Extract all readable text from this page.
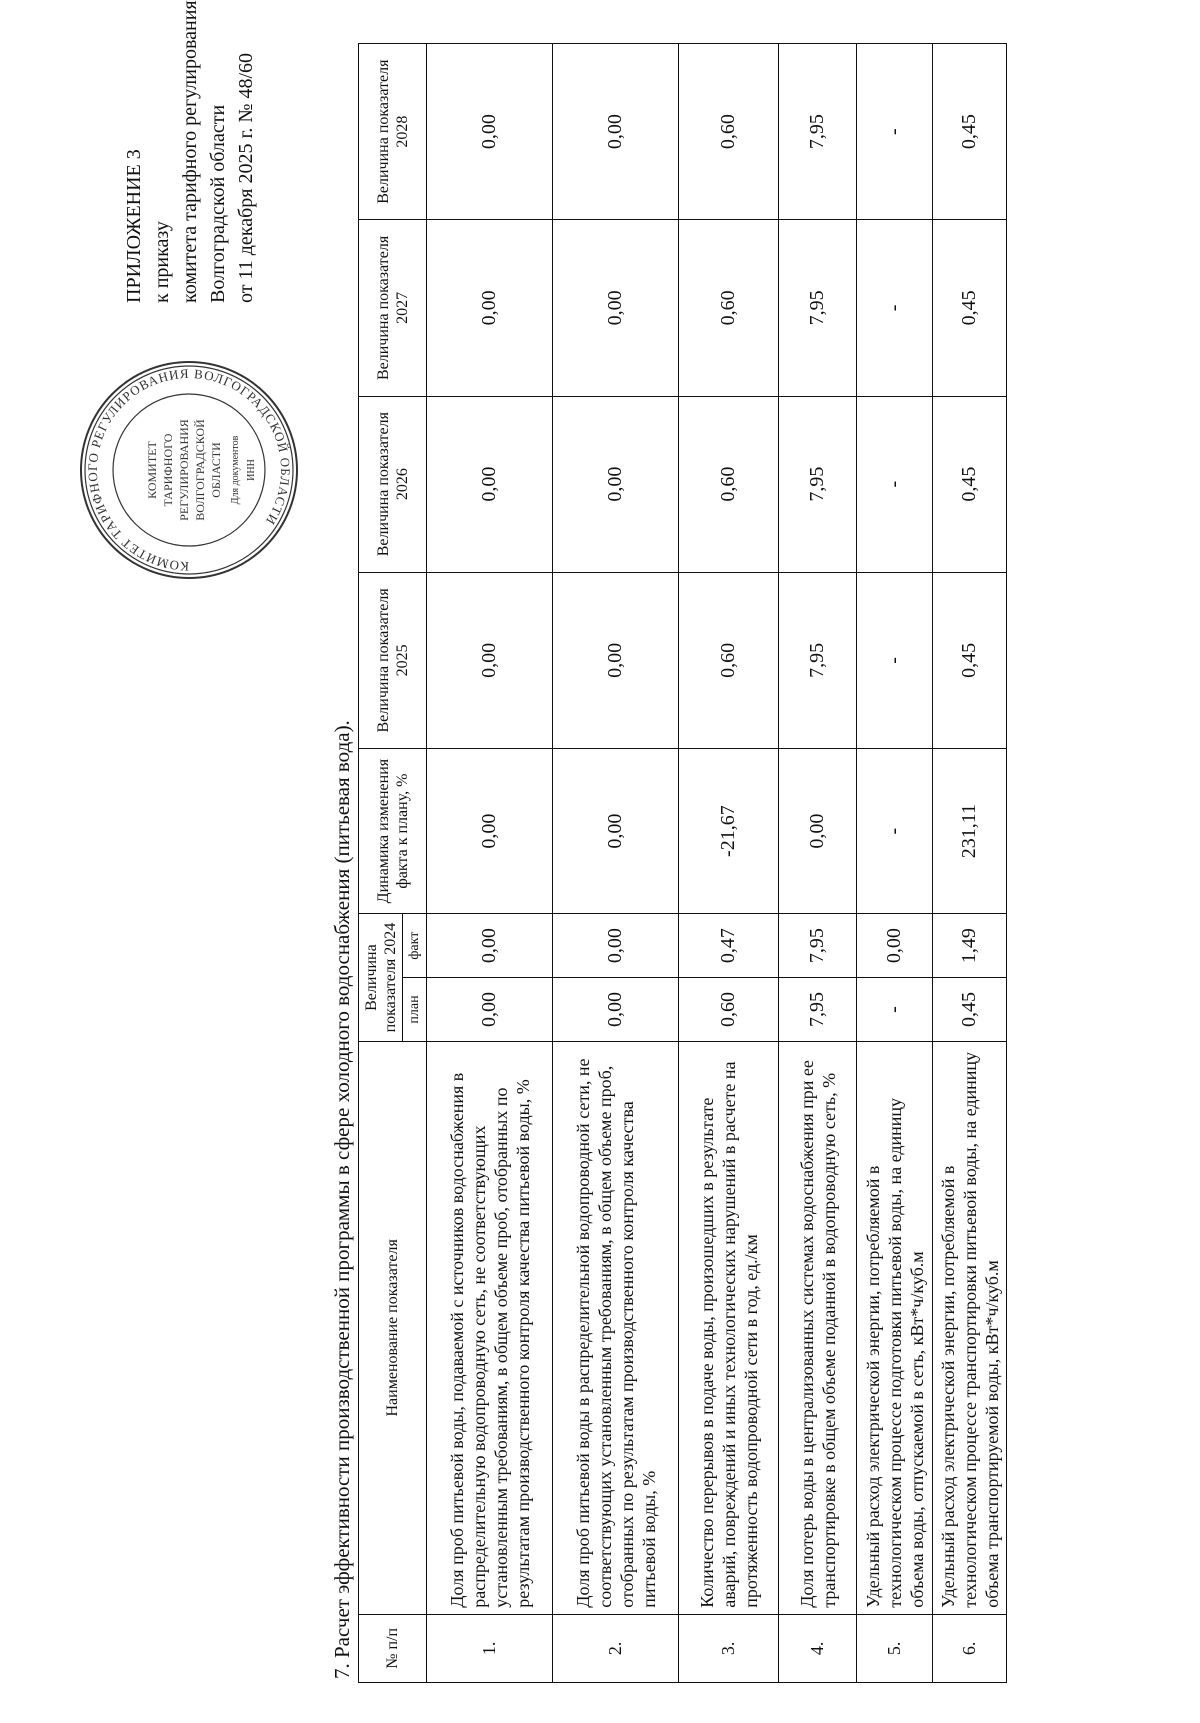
КОМИТЕТ ТАРИФНОГО РЕГУЛИРОВАНИЯ ВОЛГОГРАДСКОЙ ОБЛАСТИ
КОМИТЕТ ТАРИФНОГО РЕГУЛИРОВАНИЯ ВОЛГОГРАДСКОЙ ОБЛАСТИ Для документов ИНН
ПРИЛОЖЕНИЕ 3 к приказу комитета тарифного регулирования Волгоградской области от 11 декабря 2025 г. № 48/60
7. Расчет эффективности производственной программы в сфере холодного водоснабжения (питьевая вода). № п/п	Наименование показателя	Величина показателя 2024		Динамика изменения факта к плану, %	Величина показателя 2025	Величина показателя 2026	Величина показателя 2027	Величина показателя 2028
		план	факт					
1.	Доля проб питьевой воды, подаваемой с источников водоснабжения в распределительную водопроводную сеть, не соответствующих установленным требованиям, в общем объеме проб, отобранных по результатам производственного контроля качества питьевой воды, %	0,00	0,00	0,00	0,00	0,00	0,00	0,00
2.	Доля проб питьевой воды в распределительной водопроводной сети, не соответствующих установленным требованиям, в общем объеме проб, отобранных по результатам производственного контроля качества питьевой воды, %	0,00	0,00	0,00	0,00	0,00	0,00	0,00
3.	Количество перерывов в подаче воды, произошедших в результате аварий, повреждений и иных технологических нарушений в расчете на протяженность водопроводной сети в год, ед./км	0,60	0,47	-21,67	0,60	0,60	0,60	0,60
4.	Доля потерь воды в централизованных системах водоснабжения при ее транспортировке в общем объеме поданной в водопроводную сеть, %	7,95	7,95	0,00	7,95	7,95	7,95	7,95
5.	Удельный расход электрической энергии, потребляемой в технологическом процессе подготовки питьевой воды, на единицу объема воды, отпускаемой в сеть, кВт*ч/куб.м	-	0,00	-	-	-	-	-
6.	Удельный расход электрической энергии, потребляемой в технологическом процессе транспортировки питьевой воды, на единицу объема транспортируемой воды, кВт*ч/куб.м	0,45	1,49	231,11	0,45	0,45	0,45	0,45
